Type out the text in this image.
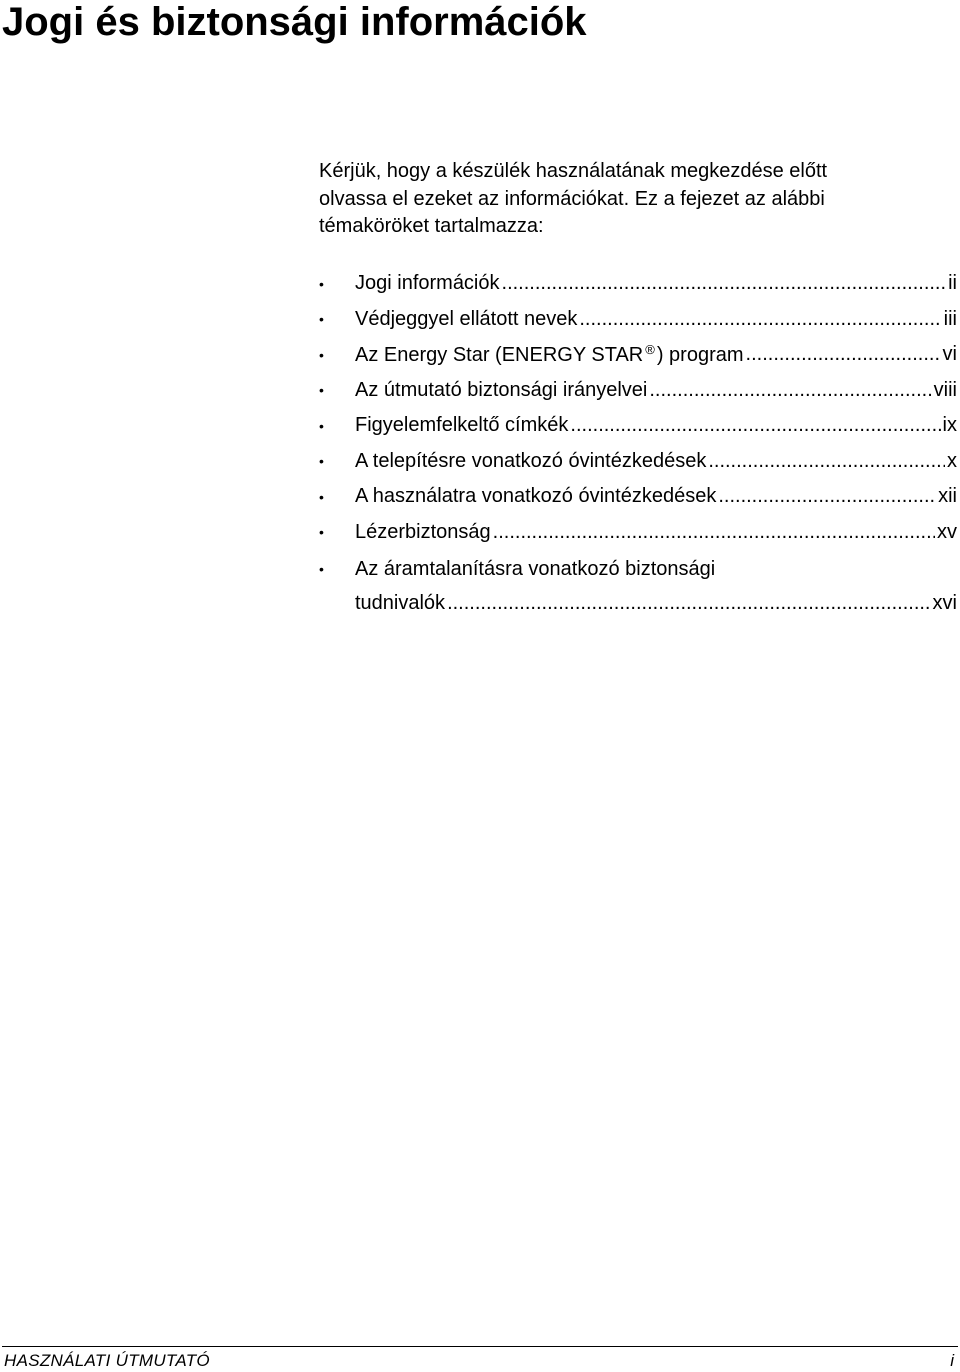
Jogi és biztonsági információk

Kérjük, hogy a készülék használatának megkezdése előtt

olvassa el ezeket az információkat. Ez a fejezet az alábbi

témaköröket tartalmazza:

• Jogi információk .....	ii
• Védjeggyel ellátott nevek .....	iii
• Az Energy Star (ENERGY STAR ® ) program .....	vi
• Az útmutató biztonsági irányelvei .....	viii
• Figyelemfelkeltő címkék .....	ix
• A telepítésre vonatkozó óvintézkedések .....	x
• A használatra vonatkozó óvintézkedések .....	xii
• Lézerbiztonság .....	xv
• Az áramtalanításra vonatkozó biztonsági
tudnivalók .....	xvi
HASZNÁLATI ÚTMUTATÓ	i
